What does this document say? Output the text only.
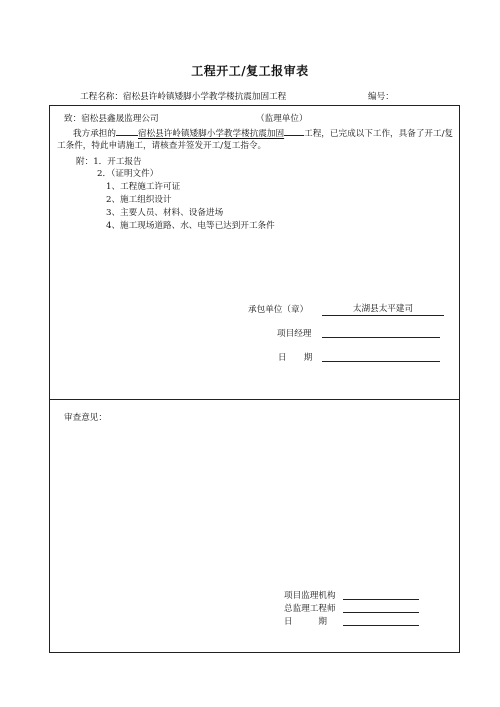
工程开工/复工报审表
工程名称：宿松县许岭镇矮脚小学教学楼抗震加固工程	编号：
致：宿松县鑫晟监理公司	（监理单位）
我方承担的	宿松县许岭镇矮脚小学教学楼抗震加固 工程，已完成以下工作，具备了开工/复工条件，特此申请施工，请核查并签发开工/复工指令。
附：1．开工报告
2．（证明文件）
1、工程施工许可证
2、施工组织设计
3、主要人员、材料、设备进场
4、施工现场道路、水、电等已达到开工条件
承包单位（章）	太湖县太平建司
项目经理
日　　期
审查意见：
项目监理机构
总监理工程师
日　　　期
